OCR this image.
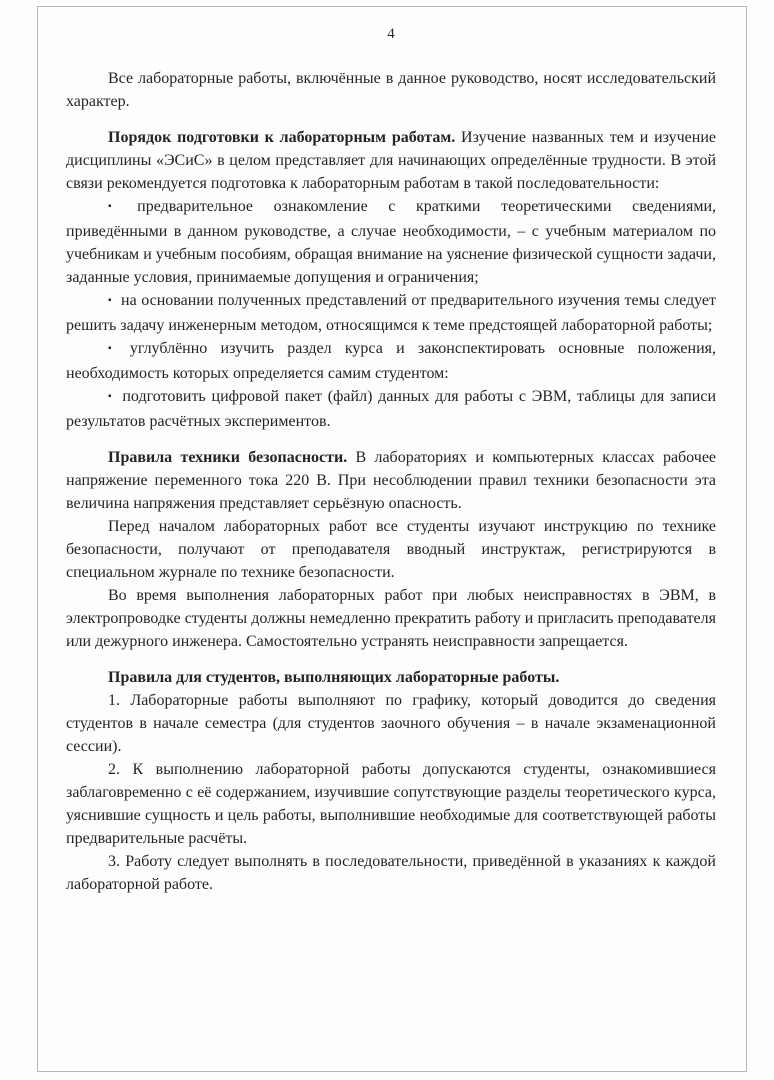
4

Все лабораторные работы, включённые в данное руководство, носят исследовательский характер.

Порядок подготовки к лабораторным работам. Изучение названных тем и изучение дисциплины «ЭСиС» в целом представляет для начинающих определённые трудности. В этой связи рекомендуется подготовка к лабораторным работам в такой последовательности:

▪ предварительное ознакомление с краткими теоретическими сведениями, приведёнными в данном руководстве, а случае необходимости, – с учебным материалом по учебникам и учебным пособиям, обращая внимание на уяснение физической сущности задачи, заданные условия, принимаемые допущения и ограничения;

▪ на основании полученных представлений от предварительного изучения темы следует решить задачу инженерным методом, относящимся к теме предстоящей лабораторной работы;

▪ углублённо изучить раздел курса и законспектировать основные положения, необходимость которых определяется самим студентом:

▪ подготовить цифровой пакет (файл) данных для работы с ЭВМ, таблицы для записи результатов расчётных экспериментов.

Правила техники безопасности. В лабораториях и компьютерных классах рабочее напряжение переменного тока 220 В. При несоблюдении правил техники безопасности эта величина напряжения представляет серьёзную опасность.

Перед началом лабораторных работ все студенты изучают инструкцию по технике безопасности, получают от преподавателя вводный инструктаж, регистрируются в специальном журнале по технике безопасности.

Во время выполнения лабораторных работ при любых неисправностях в ЭВМ, в электропроводке студенты должны немедленно прекратить работу и пригласить преподавателя или дежурного инженера. Самостоятельно устранять неисправности запрещается.

Правила для студентов, выполняющих лабораторные работы.

1. Лабораторные работы выполняют по графику, который доводится до сведения студентов в начале семестра (для студентов заочного обучения – в начале экзаменационной сессии).

2. К выполнению лабораторной работы допускаются студенты, ознакомившиеся заблаговременно с её содержанием, изучившие сопутствующие разделы теоретического курса, уяснившие сущность и цель работы, выполнившие необходимые для соответствующей работы предварительные расчёты.

3. Работу следует выполнять в последовательности, приведённой в указаниях к каждой лабораторной работе.
